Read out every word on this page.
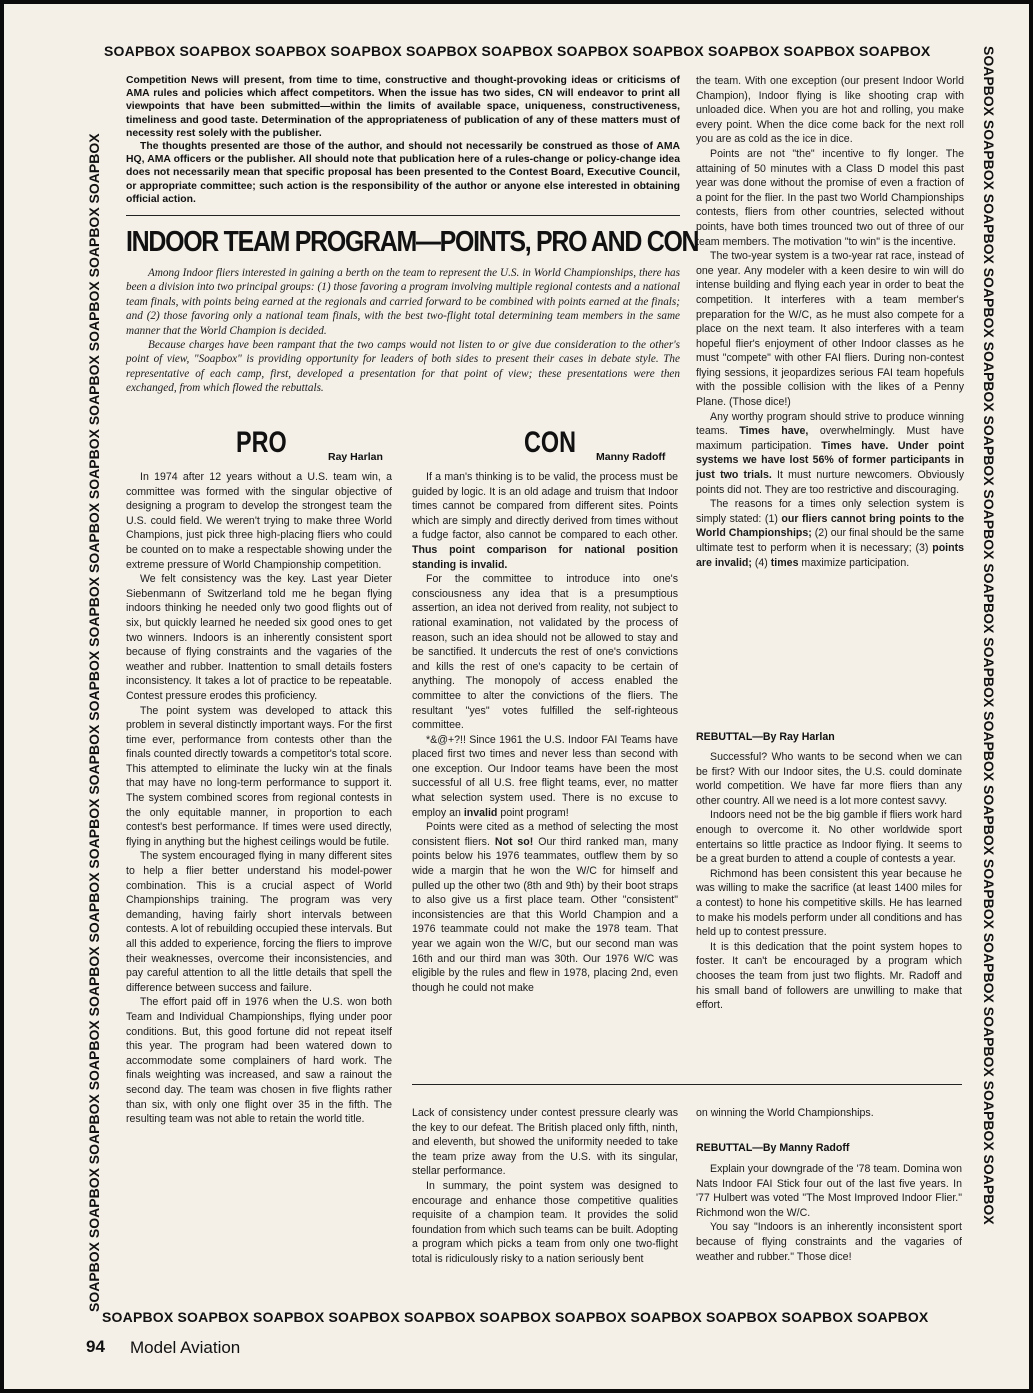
SOAPBOX SOAPBOX SOAPBOX SOAPBOX SOAPBOX SOAPBOX SOAPBOX SOAPBOX SOAPBOX SOAPBOX SOAPBOX
SOAPBOX SOAPBOX SOAPBOX SOAPBOX SOAPBOX SOAPBOX SOAPBOX SOAPBOX SOAPBOX SOAPBOX SOAPBOX
SOAPBOX SOAPBOX SOAPBOX SOAPBOX SOAPBOX SOAPBOX SOAPBOX SOAPBOX SOAPBOX SOAPBOX SOAPBOX SOAPBOX SOAPBOX SOAPBOX SOAPBOX SOAPBOX	SOAPBOX SOAPBOX SOAPBOX SOAPBOX SOAPBOX SOAPBOX SOAPBOX SOAPBOX SOAPBOX SOAPBOX SOAPBOX SOAPBOX SOAPBOX SOAPBOX SOAPBOX SOAPBOX

Competition News will present, from time to time, constructive and thought-provoking ideas or criticisms of AMA rules and policies which affect competitors. When the issue has two sides, CN will endeavor to print all viewpoints that have been submitted—within the limits of available space, uniqueness, constructiveness, timeliness and good taste. Determination of the appropriateness of publication of any of these matters must of necessity rest solely with the publisher.

The thoughts presented are those of the author, and should not necessarily be construed as those of AMA HQ, AMA officers or the publisher. All should note that publication here of a rules-change or policy-change idea does not necessarily mean that specific proposal has been presented to the Contest Board, Executive Council, or appropriate committee; such action is the responsibility of the author or anyone else interested in obtaining official action.

INDOOR TEAM PROGRAM—POINTS, PRO AND CON

Among Indoor fliers interested in gaining a berth on the team to represent the U.S. in World Championships, there has been a division into two principal groups: (1) those favoring a program involving multiple regional contests and a national team finals, with points being earned at the regionals and carried forward to be combined with points earned at the finals; and (2) those favoring only a national team finals, with the best two-flight total determining team members in the same manner that the World Champion is decided.

Because charges have been rampant that the two camps would not listen to or give due consideration to the other's point of view, "Soapbox" is providing opportunity for leaders of both sides to present their cases in debate style. The representative of each camp, first, developed a presentation for that point of view; these presentations were then exchanged, from which flowed the rebuttals.

PRO	Ray Harlan	CON Manny Radoff

In 1974 after 12 years without a U.S. team win, a committee was formed with the singular objective of designing a program to develop the strongest team the U.S. could field. We weren't trying to make three World Champions, just pick three high-placing fliers who could be counted on to make a respectable showing under the extreme pressure of World Championship competition.

We felt consistency was the key. Last year Dieter Siebenmann of Switzerland told me he began flying indoors thinking he needed only two good flights out of six, but quickly learned he needed six good ones to get two winners. Indoors is an inherently consistent sport because of flying constraints and the vagaries of the weather and rubber. Inattention to small details fosters inconsistency. It takes a lot of practice to be repeatable. Contest pressure erodes this proficiency.

The point system was developed to attack this problem in several distinctly important ways. For the first time ever, performance from contests other than the finals counted directly towards a competitor's total score. This attempted to eliminate the lucky win at the finals that may have no long-term performance to support it. The system combined scores from regional contests in the only equitable manner, in proportion to each contest's best performance. If times were used directly, flying in anything but the highest ceilings would be futile.

The system encouraged flying in many different sites to help a flier better understand his model-power combination. This is a crucial aspect of World Championships training. The program was very demanding, having fairly short intervals between contests. A lot of rebuilding occupied these intervals. But all this added to experience, forcing the fliers to improve their weaknesses, overcome their inconsistencies, and pay careful attention to all the little details that spell the difference between success and failure.

The effort paid off in 1976 when the U.S. won both Team and Individual Championships, flying under poor conditions. But, this good fortune did not repeat itself this year. The program had been watered down to accommodate some complainers of hard work. The finals weighting was increased, and saw a rainout the second day. The team was chosen in five flights rather than six, with only one flight over 35 in the fifth. The resulting team was not able to retain the world title.

If a man's thinking is to be valid, the process must be guided by logic. It is an old adage and truism that Indoor times cannot be compared from different sites. Points which are simply and directly derived from times without a fudge factor, also cannot be compared to each other. Thus point comparison for national position standing is invalid.

For the committee to introduce into one's consciousness any idea that is a presumptious assertion, an idea not derived from reality, not subject to rational examination, not validated by the process of reason, such an idea should not be allowed to stay and be sanctified. It undercuts the rest of one's convictions and kills the rest of one's capacity to be certain of anything. The monopoly of access enabled the committee to alter the convictions of the fliers. The resultant "yes" votes fulfilled the self-righteous committee.

*&@+?!! Since 1961 the U.S. Indoor FAI Teams have placed first two times and never less than second with one exception. Our Indoor teams have been the most successful of all U.S. free flight teams, ever, no matter what selection system used. There is no excuse to employ an invalid point program!

Points were cited as a method of selecting the most consistent fliers. Not so! Our third ranked man, many points below his 1976 teammates, outflew them by so wide a margin that he won the W/C for himself and pulled up the other two (8th and 9th) by their boot straps to also give us a first place team. Other "consistent" inconsistencies are that this World Champion and a 1976 teammate could not make the 1978 team. That year we again won the W/C, but our second man was 16th and our third man was 30th. Our 1976 W/C was eligible by the rules and flew in 1978, placing 2nd, even though he could not make

the team. With one exception (our present Indoor World Champion), Indoor flying is like shooting crap with unloaded dice. When you are hot and rolling, you make every point. When the dice come back for the next roll you are as cold as the ice in dice.

Points are not "the" incentive to fly longer. The attaining of 50 minutes with a Class D model this past year was done without the promise of even a fraction of a point for the flier. In the past two World Championships contests, fliers from other countries, selected without points, have both times trounced two out of three of our team members. The motivation "to win" is the incentive.

The two-year system is a two-year rat race, instead of one year. Any modeler with a keen desire to win will do intense building and flying each year in order to beat the competition. It interferes with a team member's preparation for the W/C, as he must also compete for a place on the next team. It also interferes with a team hopeful flier's enjoyment of other Indoor classes as he must "compete" with other FAI fliers. During non-contest flying sessions, it jeopardizes serious FAI team hopefuls with the possible collision with the likes of a Penny Plane. (Those dice!)

Any worthy program should strive to produce winning teams. Times have, overwhelmingly. Must have maximum participation. Times have. Under point systems we have lost 56% of former participants in just two trials. It must nurture newcomers. Obviously points did not. They are too restrictive and discouraging.

The reasons for a times only selection system is simply stated: (1) our fliers cannot bring points to the World Championships; (2) our final should be the same ultimate test to perform when it is necessary; (3) points are invalid; (4) times maximize participation.

REBUTTAL—By Ray Harlan

Successful? Who wants to be second when we can be first? With our Indoor sites, the U.S. could dominate world competition. We have far more fliers than any other country. All we need is a lot more contest savvy.

Indoors need not be the big gamble if fliers work hard enough to overcome it. No other worldwide sport entertains so little practice as Indoor flying. It seems to be a great burden to attend a couple of contests a year.

Richmond has been consistent this year because he was willing to make the sacrifice (at least 1400 miles for a contest) to hone his competitive skills. He has learned to make his models perform under all conditions and has held up to contest pressure.

It is this dedication that the point system hopes to foster. It can't be encouraged by a program which chooses the team from just two flights. Mr. Radoff and his small band of followers are unwilling to make that effort.

Lack of consistency under contest pressure clearly was the key to our defeat. The British placed only fifth, ninth, and eleventh, but showed the uniformity needed to take the team prize away from the U.S. with its singular, stellar performance.

In summary, the point system was designed to encourage and enhance those competitive qualities requisite of a champion team. It provides the solid foundation from which such teams can be built. Adopting a program which picks a team from only one two-flight total is ridiculously risky to a nation seriously bent

on winning the World Championships.

REBUTTAL—By Manny Radoff

Explain your downgrade of the '78 team. Domina won Nats Indoor FAI Stick four out of the last five years. In '77 Hulbert was voted "The Most Improved Indoor Flier." Richmond won the W/C.

You say "Indoors is an inherently inconsistent sport because of flying constraints and the vagaries of weather and rubber." Those dice!

94 Model Aviation
